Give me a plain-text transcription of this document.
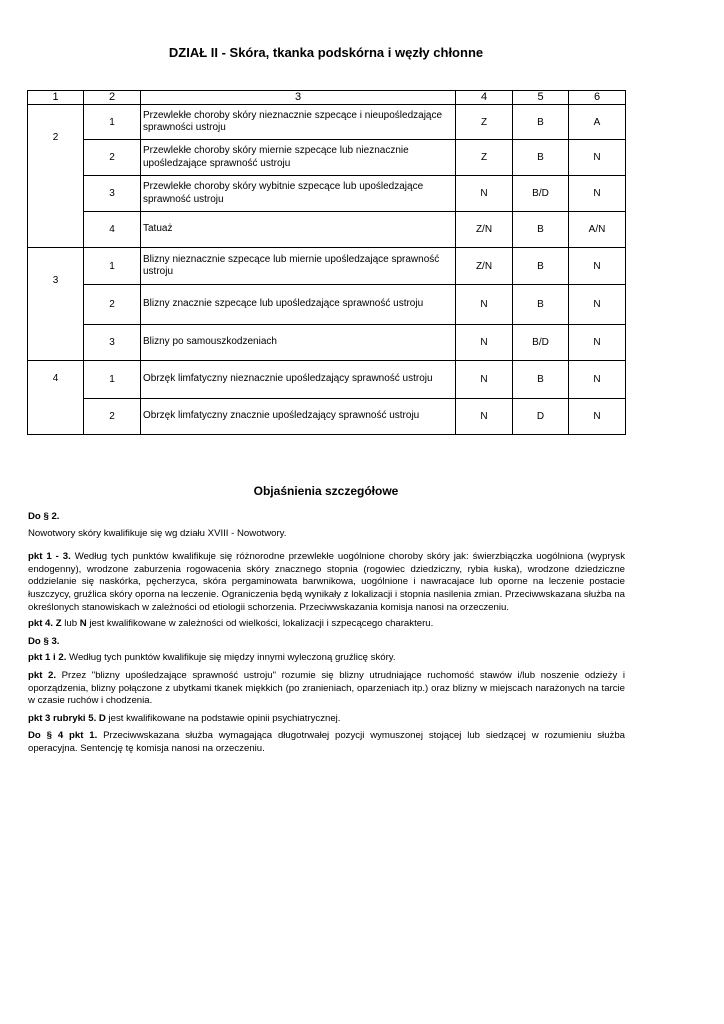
DZIAŁ II - Skóra, tkanka podskórna i węzły chłonne
1	2	3	4	5	6
2	1	Przewlekłe choroby skóry nieznacznie szpecące i nieupośledzające sprawności ustroju	Z	B	A
	2	Przewlekłe choroby skóry miernie szpecące lub nieznacznie upośledzające sprawność ustroju	Z	B	N
	3	Przewlekłe choroby skóry wybitnie szpecące lub upośledzające sprawność ustroju	N	B/D	N
	4	Tatuaż	Z/N	B	A/N
3	1	Blizny nieznacznie szpecące lub miernie upośledzające sprawność ustroju	Z/N	B	N
	2	Blizny znacznie szpecące lub upośledzające sprawność ustroju	N	B	N
	3	Blizny po samouszkodzeniach	N	B/D	N
4	1	Obrzęk limfatyczny nieznacznie upośledzający sprawność ustroju	N	B	N
	2	Obrzęk limfatyczny znacznie upośledzający sprawność ustroju	N	D	N
Objaśnienia szczegółowe

Do § 2.

Nowotwory skóry kwalifikuje się wg działu XVIII - Nowotwory.

pkt 1 - 3. Według tych punktów kwalifikuje się różnorodne przewlekłe uogólnione choroby skóry jak: świerzbiączka uogólniona (wyprysk endogenny), wrodzone zaburzenia rogowacenia skóry znacznego stopnia (rogowiec dziedziczny, rybia łuska), wrodzone dziedziczne oddzielanie się naskórka, pęcherzyca, skóra pergaminowata barwnikowa, uogólnione i nawracajace lub oporne na leczenie postacie łuszczycy, gruźlica skóry oporna na leczenie. Ograniczenia będą wynikały z lokalizacji i stopnia nasilenia zmian. Przeciwwskazana służba na określonych stanowiskach w zależności od etiologii schorzenia. Przeciwwskazania komisja nanosi na orzeczeniu.

pkt 4. Z lub N jest kwalifikowane w zależności od wielkości, lokalizacji i szpecącego charakteru.

Do § 3.

pkt 1 i 2. Według tych punktów kwalifikuje się między innymi wyleczoną gruźlicę skóry.

pkt 2. Przez "blizny upośledzające sprawność ustroju" rozumie się blizny utrudniające ruchomość stawów i/lub noszenie odzieży i oporządzenia, blizny połączone z ubytkami tkanek miękkich (po zranieniach, oparzeniach itp.) oraz blizny w miejscach narażonych na tarcie w czasie ruchów i chodzenia.

pkt 3 rubryki 5. D jest kwalifikowane na podstawie opinii psychiatrycznej.

Do § 4 pkt 1. Przeciwwskazana służba wymagająca długotrwałej pozycji wymuszonej stojącej lub siedzącej w rozumieniu służba operacyjna. Sentencję tę komisja nanosi na orzeczeniu.
